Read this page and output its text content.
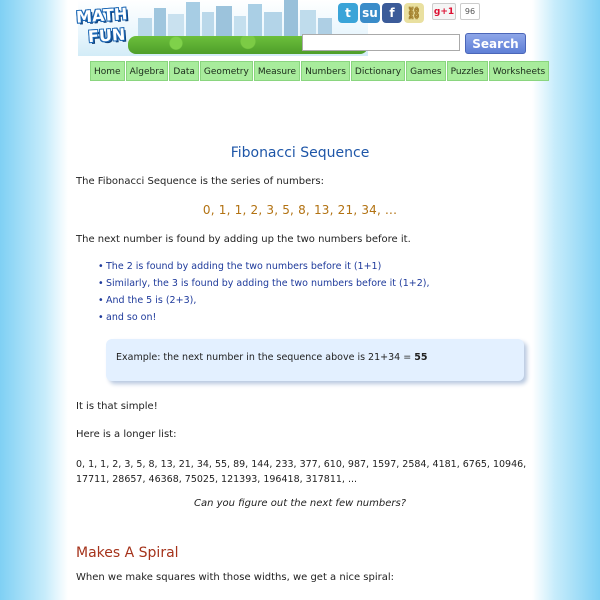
MATH
FUN
t su f ⛓ g+1	96
Search
Home	Algebra	Data	Geometry	Measure	Numbers	Dictionary	Games	Puzzles	Worksheets
Fibonacci Sequence
The Fibonacci Sequence is the series of numbers:
0, 1, 1, 2, 3, 5, 8, 13, 21, 34, ...
The next number is found by adding up the two numbers before it.
• The 2 is found by adding the two numbers before it (1+1)
• Similarly, the 3 is found by adding the two numbers before it (1+2),
• And the 5 is (2+3),
• and so on!
Example: the next number in the sequence above is 21+34 = 55
It is that simple!
Here is a longer list:
0, 1, 1, 2, 3, 5, 8, 13, 21, 34, 55, 89, 144, 233, 377, 610, 987, 1597, 2584, 4181, 6765, 10946, 17711, 28657, 46368, 75025, 121393, 196418, 317811, ...
Can you figure out the next few numbers?
Makes A Spiral
When we make squares with those widths, we get a nice spiral:
